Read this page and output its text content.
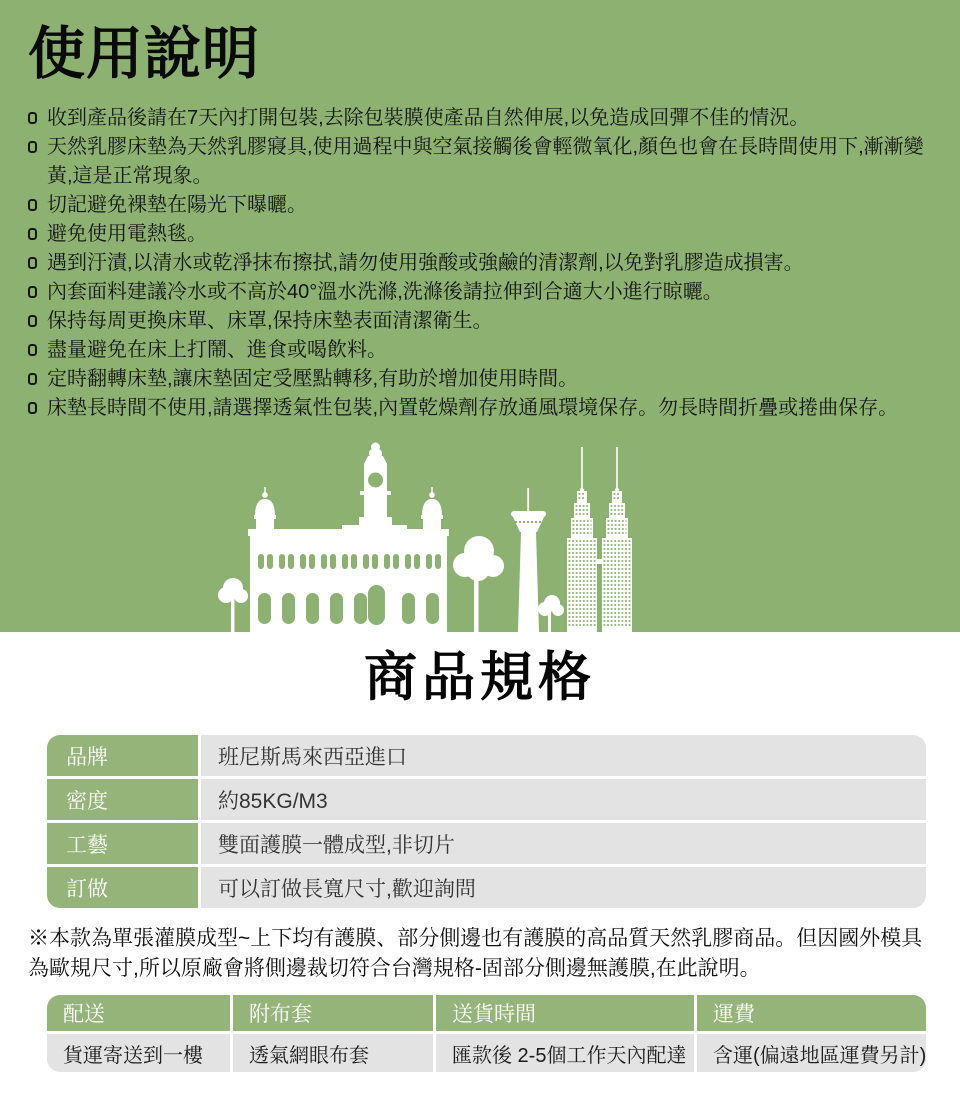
使用說明
收到產品後請在7天內打開包裝,去除包裝膜使產品自然伸展,以免造成回彈不佳的情況。
天然乳膠床墊為天然乳膠寢具,使用過程中與空氣接觸後會輕微氧化,顏色也會在長時間使用下,漸漸變黃,這是正常現象。
切記避免裸墊在陽光下曝曬。
避免使用電熱毯。
遇到汙漬,以清水或乾淨抹布擦拭,請勿使用強酸或強鹼的清潔劑,以免對乳膠造成損害。
內套面料建議冷水或不高於40°溫水洗滌,洗滌後請拉伸到合適大小進行晾曬。
保持每周更換床單、床罩,保持床墊表面清潔衛生。
盡量避免在床上打鬧、進食或喝飲料。
定時翻轉床墊,讓床墊固定受壓點轉移,有助於增加使用時間。
床墊長時間不使用,請選擇透氣性包裝,內置乾燥劑存放通風環境保存。勿長時間折疊或捲曲保存。
商品規格
品牌	班尼斯馬來西亞進口
密度	約85KG/M3
工藝	雙面護膜一體成型,非切片
訂做	可以訂做長寬尺寸,歡迎詢問

※本款為單張灌膜成型~上下均有護膜、部分側邊也有護膜的高品質天然乳膠商品。但因國外模具為歐規尺寸,所以原廠會將側邊裁切符合台灣規格-固部分側邊無護膜,在此說明。

配送	附布套	送貨時間	運費
貨運寄送到一樓	透氣網眼布套	匯款後 2-5個工作天內配達	含運(偏遠地區運費另計)
